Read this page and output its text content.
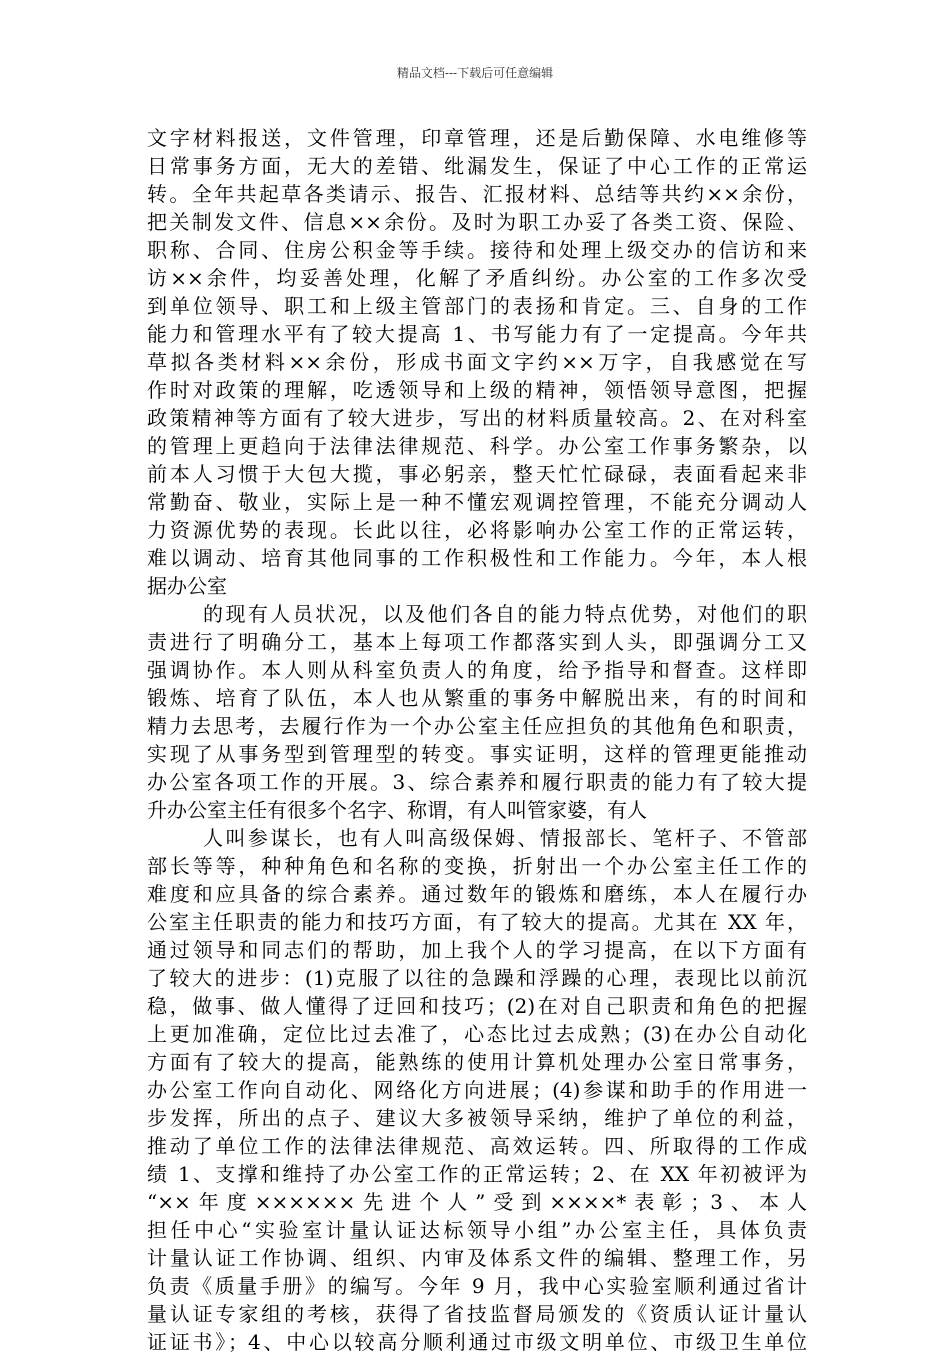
精品文档---下载后可任意编辑
文字材料报送，文件管理，印章管理，还是后勤保障、水电维修等
日常事务方面，无大的差错、纰漏发生，保证了中心工作的正常运
转。全年共起草各类请示、报告、汇报材料、总结等共约××余份，
把关制发文件、信息××余份。及时为职工办妥了各类工资、保险、
职称、合同、住房公积金等手续。接待和处理上级交办的信访和来
访××余件，均妥善处理，化解了矛盾纠纷。办公室的工作多次受
到单位领导、职工和上级主管部门的表扬和肯定。三、自身的工作
能力和管理水平有了较大提高 1、书写能力有了一定提高。今年共
草拟各类材料××余份，形成书面文字约××万字，自我感觉在写
作时对政策的理解，吃透领导和上级的精神，领悟领导意图，把握
政策精神等方面有了较大进步，写出的材料质量较高。2、在对科室
的管理上更趋向于法律法律规范、科学。办公室工作事务繁杂，以
前本人习惯于大包大揽，事必躬亲，整天忙忙碌碌，表面看起来非
常勤奋、敬业，实际上是一种不懂宏观调控管理，不能充分调动人
力资源优势的表现。长此以往，必将影响办公室工作的正常运转，
难以调动、培育其他同事的工作积极性和工作能力。今年，本人根
据办公室
的现有人员状况，以及他们各自的能力特点优势，对他们的职
责进行了明确分工，基本上每项工作都落实到人头，即强调分工又
强调协作。本人则从科室负责人的角度，给予指导和督查。这样即
锻炼、培育了队伍，本人也从繁重的事务中解脱出来，有的时间和
精力去思考，去履行作为一个办公室主任应担负的其他角色和职责，
实现了从事务型到管理型的转变。事实证明，这样的管理更能推动
办公室各项工作的开展。3、综合素养和履行职责的能力有了较大提
升办公室主任有很多个名字、称谓，有人叫管家婆，有人
人叫参谋长，也有人叫高级保姆、情报部长、笔杆子、不管部
部长等等，种种角色和名称的变换，折射出一个办公室主任工作的
难度和应具备的综合素养。通过数年的锻炼和磨练，本人在履行办
公室主任职责的能力和技巧方面，有了较大的提高。尤其在 XX 年，
通过领导和同志们的帮助，加上我个人的学习提高，在以下方面有
了较大的进步：(1)克服了以往的急躁和浮躁的心理，表现比以前沉
稳，做事、做人懂得了迂回和技巧；(2)在对自己职责和角色的把握
上更加准确，定位比过去准了，心态比过去成熟；(3)在办公自动化
方面有了较大的提高，能熟练的使用计算机处理办公室日常事务，
办公室工作向自动化、网络化方向进展；(4)参谋和助手的作用进一
步发挥，所出的点子、建议大多被领导采纳，维护了单位的利益，
推动了单位工作的法律法律规范、高效运转。四、所取得的工作成
绩 1、支撑和维持了办公室工作的正常运转；2、在 XX 年初被评为
“××年度××××××先进个人”受到××××*表彰；3、本人
担任中心“实验室计量认证达标领导小组”办公室主任，具体负责
计量认证工作协调、组织、内审及体系文件的编辑、整理工作，另
负责《质量手册》的编写。今年 9 月，我中心实验室顺利通过省计
量认证专家组的考核，获得了省技监督局颁发的《资质认证计量认
证证书》；4、中心以较高分顺利通过市级文明单位、市级卫生单位
